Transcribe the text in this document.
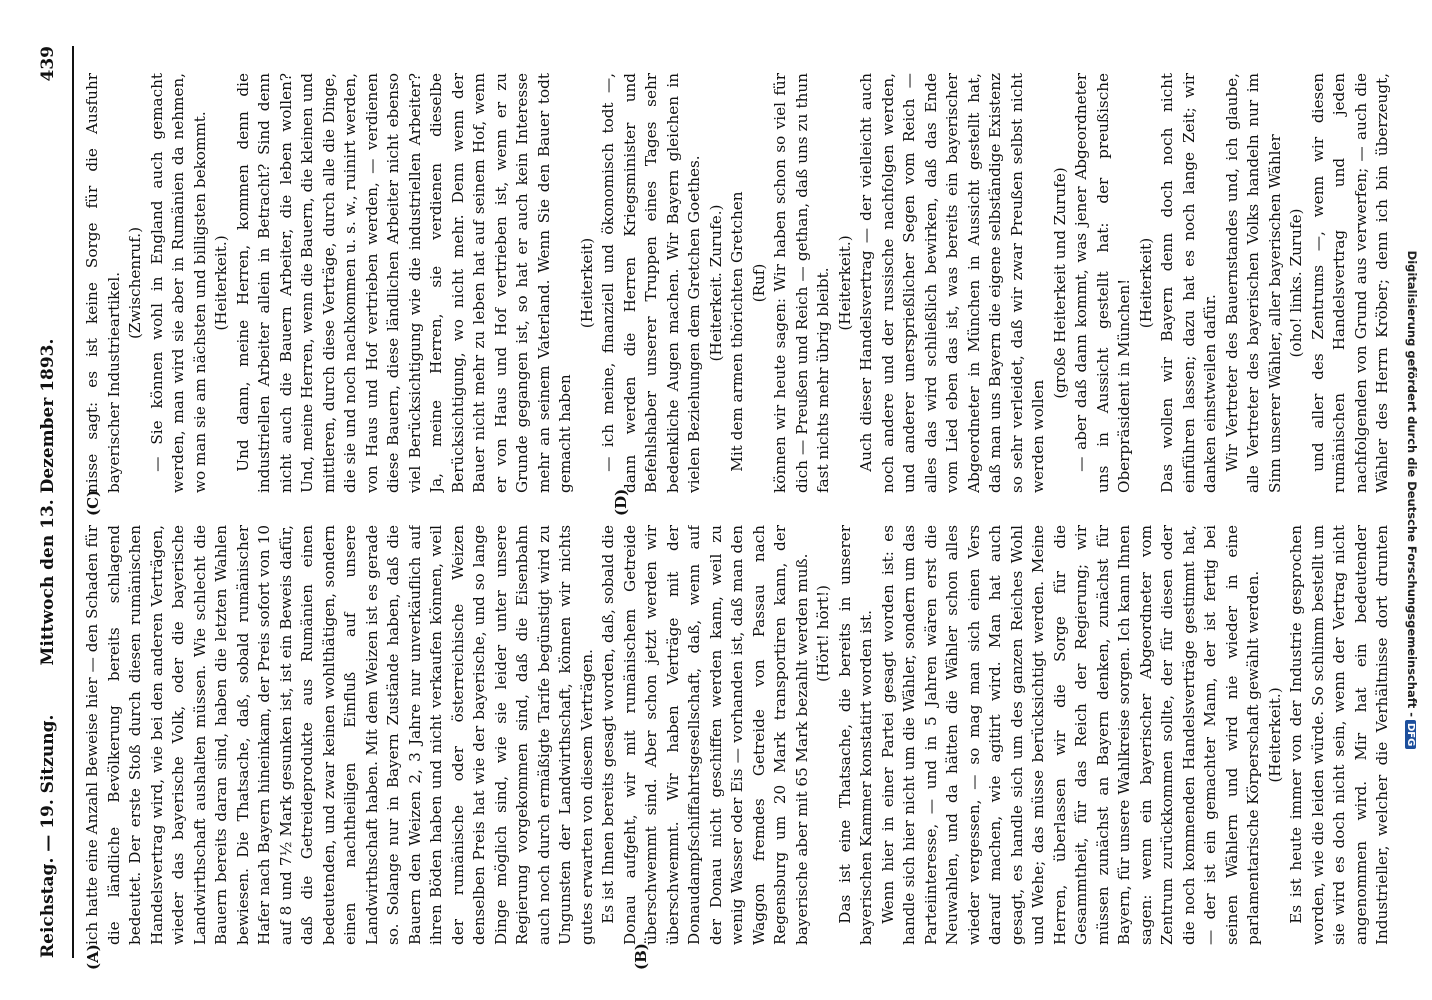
Reichstag. — 19. Sitzung.
Mittwoch den 13. Dezember 1893.
439
(A)	(B)
(C)	(D)

ich hatte eine Anzahl Beweise hier — den Schaden für die ländliche Bevölkerung bereits schlagend bedeutet. Der erste Stoß durch diesen rumänischen Handelsvertrag wird, wie bei den anderen Verträgen, wieder das bayerische Volk, oder die bayerische Landwirthschaft aushalten müssen. Wie schlecht die Bauern bereits daran sind, haben die letzten Wahlen bewiesen. Die Thatsache, daß, sobald rumänischer Hafer nach Bayern hineinkam, der Preis sofort von 10 auf 8 und 7½ Mark gesunken ist, ist ein Beweis dafür, daß die Getreideprodukte aus Rumänien einen bedeutenden, und zwar keinen wohlthätigen, sondern einen nachtheiligen Einfluß auf unsere Landwirthschaft haben. Mit dem Weizen ist es gerade so. Solange nur in Bayern Zustände haben, daß die Bauern den Weizen 2, 3 Jahre nur unverkäuflich auf ihren Böden haben und nicht verkaufen können, weil der rumänische oder österreichische Weizen denselben Preis hat wie der bayerische, und so lange Dinge möglich sind, wie sie leider unter unsere Regierung vorgekommen sind, daß die Eisenbahn auch noch durch ermäßigte Tarife begünstigt wird zu Ungunsten der Landwirthschaft, können wir nichts gutes erwarten von diesem Verträgen. Es ist Ihnen bereits gesagt worden, daß, sobald die Donau aufgeht, wir mit rumänischem Getreide überschwemmt sind. Aber schon jetzt werden wir überschwemmt. Wir haben Verträge mit der Donaudampfschiffahrtsgesellschaft, daß, wenn auf der Donau nicht geschiffen werden kann, weil zu wenig Wasser oder Eis — vorhanden ist, daß man den Waggon fremdes Getreide von Passau nach Regensburg um 20 Mark transportiren kann, der bayerische aber mit 65 Mark bezahlt werden muß. (Hört! hört!) Das ist eine Thatsache, die bereits in unserer bayerischen Kammer konstatirt worden ist. Wenn hier in einer Partei gesagt worden ist: es handle sich hier nicht um die Wähler, sondern um das Parteiinteresse, — und in 5 Jahren wären erst die Neuwahlen, und da hätten die Wähler schon alles wieder vergessen, — so mag man sich einen Vers darauf machen, wie agitirt wird. Man hat auch gesagt, es handle sich um des ganzen Reiches Wohl und Wehe; das müsse berücksichtigt werden. Meine Herren, überlassen wir die Sorge für die Gesammtheit, für das Reich der Regierung; wir müssen zunächst an Bayern denken, zunächst für Bayern, für unsere Wahlkreise sorgen. Ich kann Ihnen sagen: wenn ein bayerischer Abgeordneter vom Zentrum zurückkommen sollte, der für diesen oder die noch kommenden Handelsverträge gestimmt hat, — der ist ein gemachter Mann, der ist fertig bei seinen Wählern und wird nie wieder in eine parlamentarische Körperschaft gewählt werden. (Heiterkeit.)

Es ist heute immer von der Industrie gesprochen worden, wie die leiden würde. So schlimm bestellt um sie wird es doch nicht sein, wenn der Vertrag nicht angenommen wird. Mir hat ein bedeutender Industrieller, welcher die Verhältnisse dort drunten

nisse sagt: es ist keine Sorge für die Ausfuhr bayerischer Industrieartikel. (Zwischenruf.) — Sie können wohl in England auch gemacht werden, man wird sie aber in Rumänien da nehmen, wo man sie am nächsten und billigsten bekommt. (Heiterkeit.) Und dann, meine Herren, kommen denn die industriellen Arbeiter allein in Betracht? Sind denn nicht auch die Bauern Arbeiter, die leben wollen? Und, meine Herren, wenn die Bauern, die kleinen und mittleren, durch diese Verträge, durch alle die Dinge, die sie und noch nachkommen u. s. w., ruinirt werden, von Haus und Hof vertrieben werden, — verdienen diese Bauern, diese ländlichen Arbeiter nicht ebenso viel Berücksichtigung wie die industriellen Arbeiter? Ja, meine Herren, sie verdienen dieselbe Berücksichtigung, wo nicht mehr. Denn wenn der Bauer nicht mehr zu leben hat auf seinem Hof, wenn er von Haus und Hof vertrieben ist, wenn er zu Grunde gegangen ist, so hat er auch kein Interesse mehr an seinem Vaterland. Wenn Sie den Bauer todt gemacht haben

(Heiterkeit) — ich meine, finanziell und ökonomisch todt —, dann werden die Herren Kriegsminister und Befehlshaber unserer Truppen eines Tages sehr bedenkliche Augen machen. Wir Bayern gleichen in vielen Beziehungen dem Gretchen Goethes. (Heiterkeit. Zurufe.) Mit dem armen thörichten Gretchen (Ruf) können wir heute sagen: Wir haben schon so viel für dich — Preußen und Reich — gethan, daß uns zu thun fast nichts mehr übrig bleibt. (Heiterkeit.) Auch dieser Handelsvertrag — der vielleicht auch noch andere und der russische nachfolgen werden, und anderer unersprießlicher Segen vom Reich — alles das wird schließlich bewirken, daß das Ende vom Lied eben das ist, was bereits ein bayerischer Abgeordneter in München in Aussicht gestellt hat, daß man uns Bayern die eigene selbständige Existenz so sehr verleidet, daß wir zwar Preußen selbst nicht werden wollen

(große Heiterkeit und Zurufe) — aber daß dann kommt, was jener Abgeordneter uns in Aussicht gestellt hat: der preußische Oberpräsident in München! (Heiterkeit) Das wollen wir Bayern denn doch noch nicht einführen lassen; dazu hat es noch lange Zeit; wir danken einstweilen dafür. Wir Vertreter des Bauernstandes und, ich glaube, alle Vertreter des bayerischen Volks handeln nur im Sinn unserer Wähler, aller bayerischen Wähler (oho! links. Zurufe)

und aller des Zentrums —, wenn wir diesen rumänischen Handelsvertrag und jeden nachfolgenden von Grund aus verwerfen; — auch die Wähler des Herrn Kröber; denn ich bin überzeugt,

Digitalisierung gefördert durch die Deutsche Forschungsgemeinschaft -DFG
